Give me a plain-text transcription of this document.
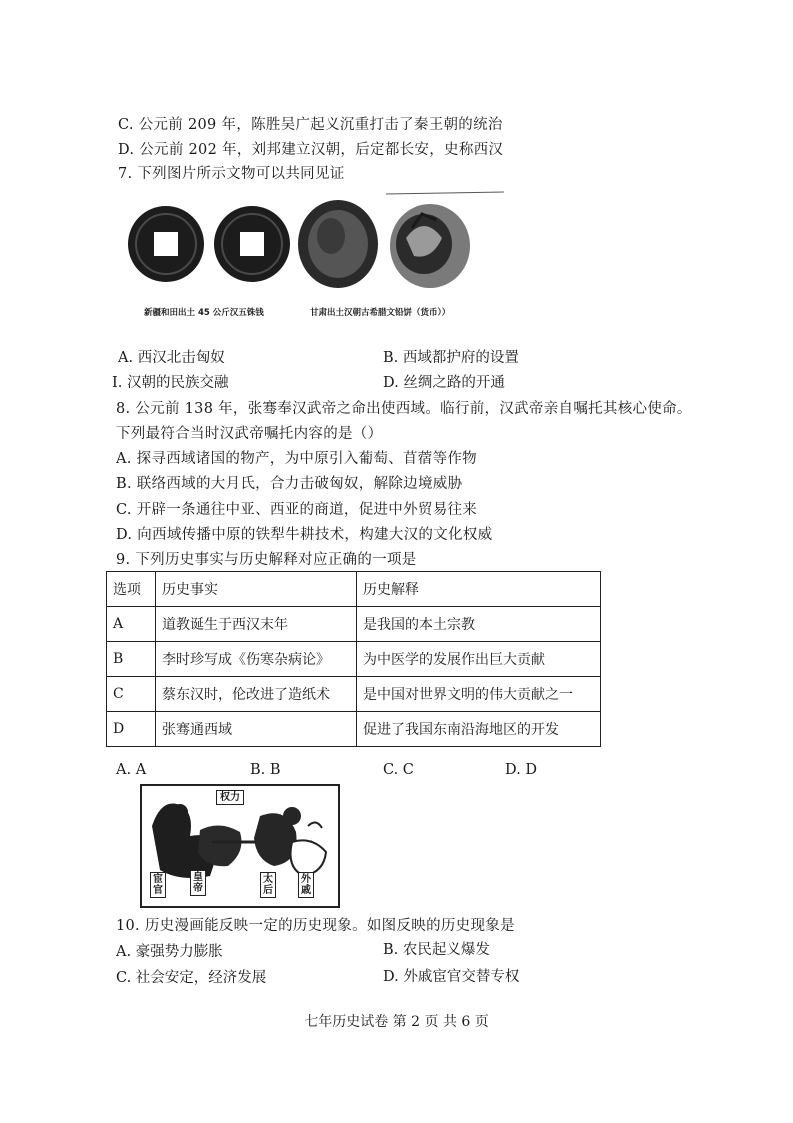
C. 公元前 209 年，陈胜吴广起义沉重打击了秦王朝的统治
D. 公元前 202 年，刘邦建立汉朝，后定都长安，史称西汉
7. 下列图片所示文物可以共同见证
新疆和田出土 45 公斤汉五铢钱	甘肃出土汉朝古希腊文铅饼（货币））
A. 西汉北击匈奴	B. 西域都护府的设置
I. 汉朝的民族交融	D. 丝绸之路的开通
8. 公元前 138 年，张骞奉汉武帝之命出使西域。临行前，汉武帝亲自嘱托其核心使命。
下列最符合当时汉武帝嘱托内容的是（）
A. 探寻西域诸国的物产，为中原引入葡萄、苜蓿等作物
B. 联络西域的大月氏，合力击破匈奴，解除边境威胁
C. 开辟一条通往中亚、西亚的商道，促进中外贸易往来
D. 向西域传播中原的铁犁牛耕技术，构建大汉的文化权威
9. 下列历史事实与历史解释对应正确的一项是
选项	历史事实	历史解释
A	道教诞生于西汉末年	是我国的本土宗教
B	李时珍写成《伤寒杂病论》	为中医学的发展作出巨大贡献
C	蔡东汉时，伦改进了造纸术	是中国对世界文明的伟大贡献之一
D	张骞通西域	促进了我国东南沿海地区的开发
A. A	B. B	C. C	D. D
权力
宦官
皇帝
太后
外戚
10. 历史漫画能反映一定的历史现象。如图反映的历史现象是
A. 豪强势力膨胀	B. 农民起义爆发
C. 社会安定，经济发展	D. 外戚宦官交替专权
七年历史试卷 第 2 页 共 6 页
